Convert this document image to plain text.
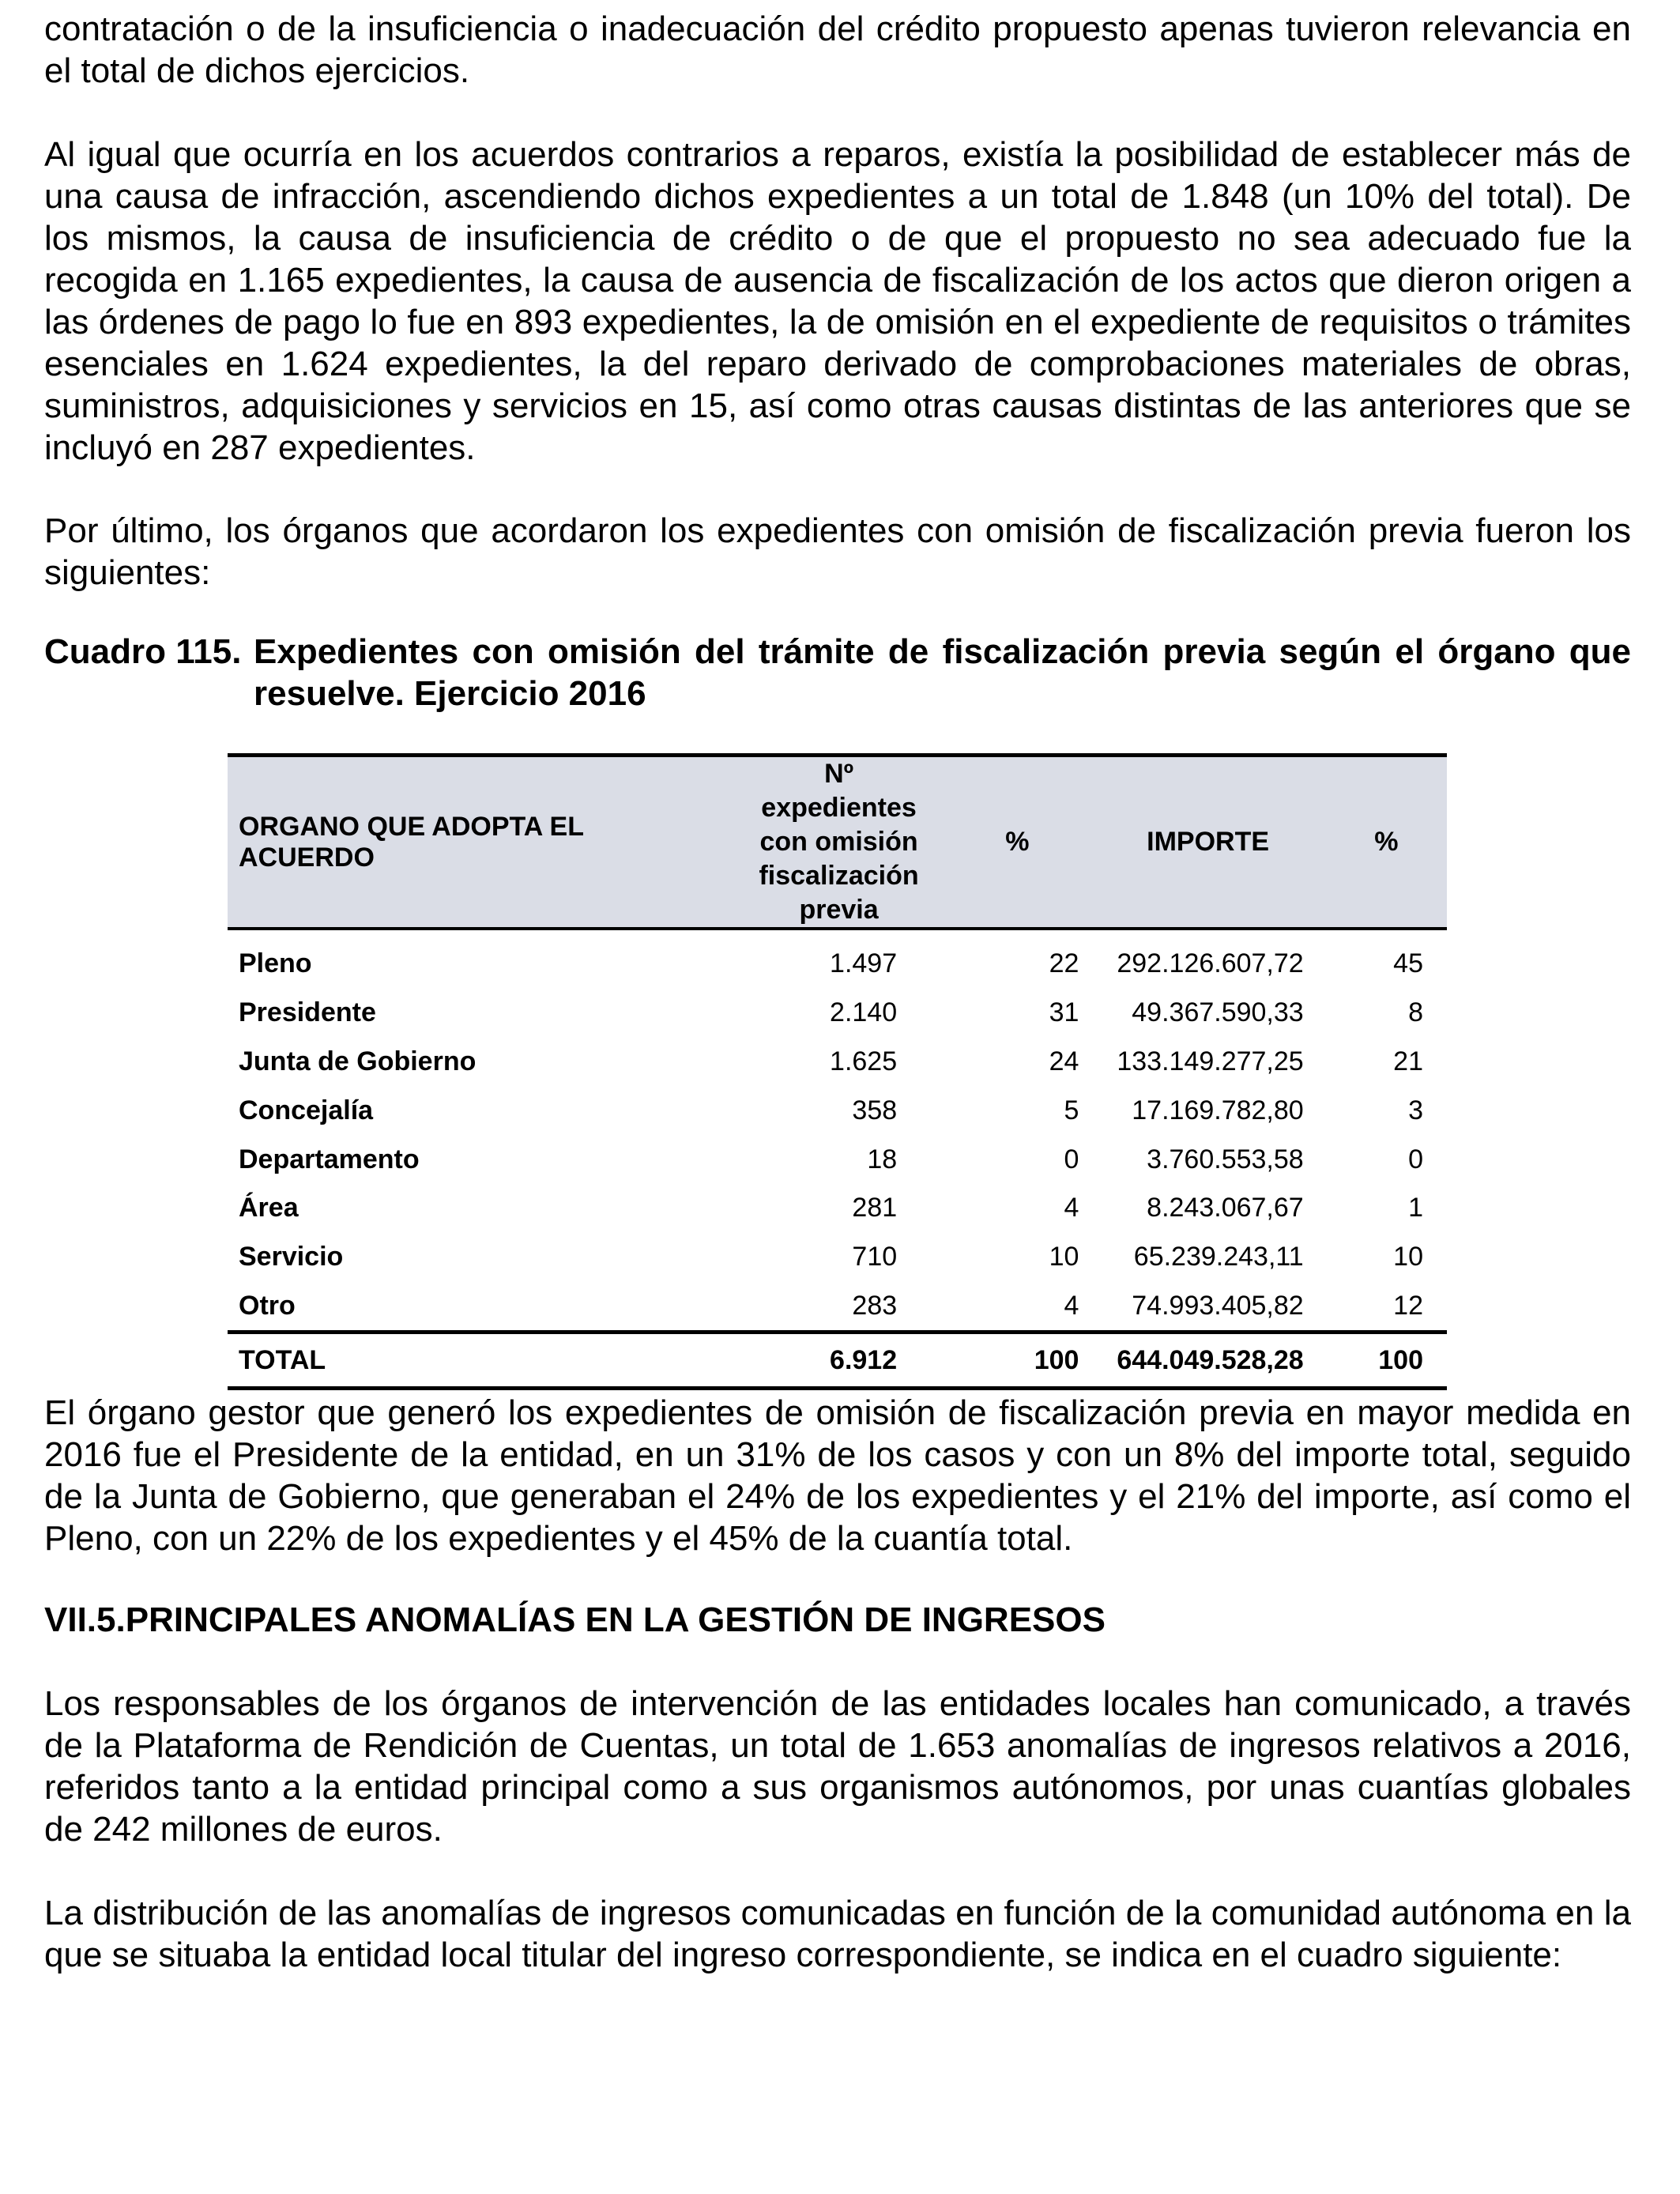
contratación o de la insuficiencia o inadecuación del crédito propuesto apenas tuvieron relevancia en el total de dichos ejercicios.

Al igual que ocurría en los acuerdos contrarios a reparos, existía la posibilidad de establecer más de una causa de infracción, ascendiendo dichos expedientes a un total de 1.848 (un 10% del total). De los mismos, la causa de insuficiencia de crédito o de que el propuesto no sea adecuado fue la recogida en 1.165 expedientes, la causa de ausencia de fiscalización de los actos que dieron origen a las órdenes de pago lo fue en 893 expedientes, la de omisión en el expediente de requisitos o trámites esenciales en 1.624 expedientes, la del reparo derivado de comprobaciones materiales de obras, suministros, adquisiciones y servicios en 15, así como otras causas distintas de las anteriores que se incluyó en 287 expedientes.

Por último, los órganos que acordaron los expedientes con omisión de fiscalización previa fueron los siguientes:

Cuadro 115. Expedientes con omisión del trámite de fiscalización previa según el órgano que resuelve. Ejercicio 2016
ORGANO QUE ADOPTA EL ACUERDO	Nº expedientes con omisión fiscalización previa	%	IMPORTE	%
Pleno	1.497	22	292.126.607,72	45
Presidente	2.140	31	49.367.590,33	8
Junta de Gobierno	1.625	24	133.149.277,25	21
Concejalía	358	5	17.169.782,80	3
Departamento	18	0	3.760.553,58	0
Área	281	4	8.243.067,67	1
Servicio	710	10	65.239.243,11	10
Otro	283	4	74.993.405,82	12
TOTAL	6.912	100	644.049.528,28	100

El órgano gestor que generó los expedientes de omisión de fiscalización previa en mayor medida en 2016 fue el Presidente de la entidad, en un 31% de los casos y con un 8% del importe total, seguido de la Junta de Gobierno, que generaban el 24% de los expedientes y el 21% del importe, así como el Pleno, con un 22% de los expedientes y el 45% de la cuantía total.

VII.5.PRINCIPALES ANOMALÍAS EN LA GESTIÓN DE INGRESOS

Los responsables de los órganos de intervención de las entidades locales han comunicado, a través de la Plataforma de Rendición de Cuentas, un total de 1.653 anomalías de ingresos relativos a 2016, referidos tanto a la entidad principal como a sus organismos autónomos, por unas cuantías globales de 242 millones de euros.

La distribución de las anomalías de ingresos comunicadas en función de la comunidad autónoma en la que se situaba la entidad local titular del ingreso correspondiente, se indica en el cuadro siguiente:
